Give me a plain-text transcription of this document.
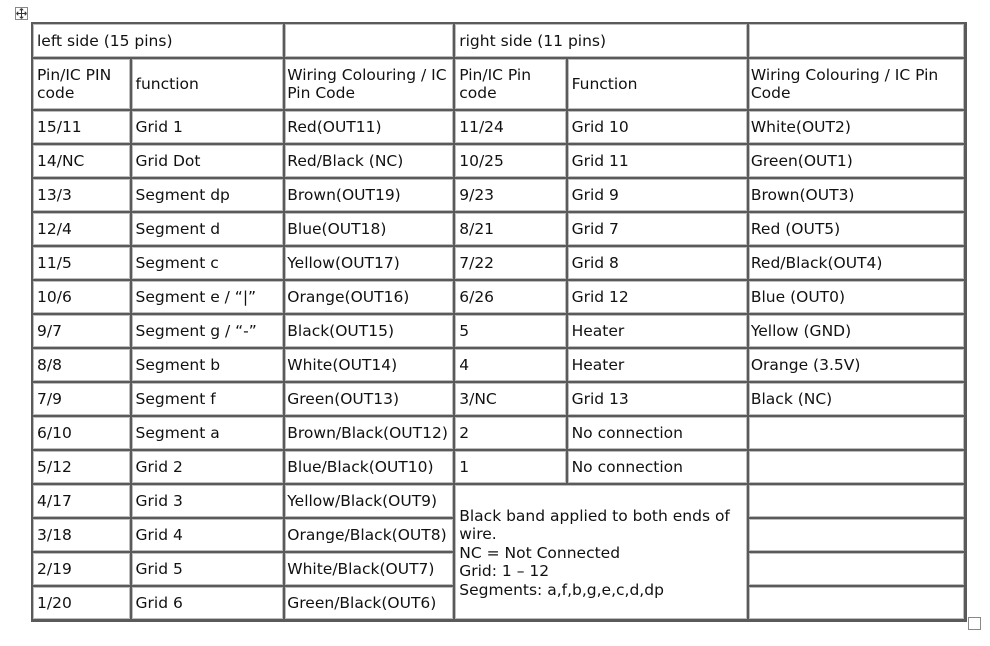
left side (15 pins)			right side (11 pins)		
Pin/IC PIN code	function	Wiring Colouring / IC Pin Code	Pin/IC Pin code	Function	Wiring Colouring / IC Pin Code
15/11	Grid 1	Red(OUT11)	11/24	Grid 10	White(OUT2)
14/NC	Grid Dot	Red/Black (NC)	10/25	Grid 11	Green(OUT1)
13/3	Segment dp	Brown(OUT19)	9/23	Grid 9	Brown(OUT3)
12/4	Segment d	Blue(OUT18)	8/21	Grid 7	Red (OUT5)
11/5	Segment c	Yellow(OUT17)	7/22	Grid 8	Red/Black(OUT4)
10/6	Segment e / “|”	Orange(OUT16)	6/26	Grid 12	Blue (OUT0)
9/7	Segment g / “-”	Black(OUT15)	5	Heater	Yellow (GND)
8/8	Segment b	White(OUT14)	4	Heater	Orange (3.5V)
7/9	Segment f	Green(OUT13)	3/NC	Grid 13	Black (NC)
6/10	Segment a	Brown/Black(OUT12)	2	No connection	
5/12	Grid 2	Blue/Black(OUT10)	1	No connection	
4/17	Grid 3	Yellow/Black(OUT9)	Black band applied to both ends of wire.

NC = Not Connected

Grid: 1 – 12

Segments: a,f,b,g,e,c,d,dp		

3/18	Grid 4	Orange/Black(OUT8)			
2/19	Grid 5	White/Black(OUT7)			
1/20	Grid 6	Green/Black(OUT6)			
